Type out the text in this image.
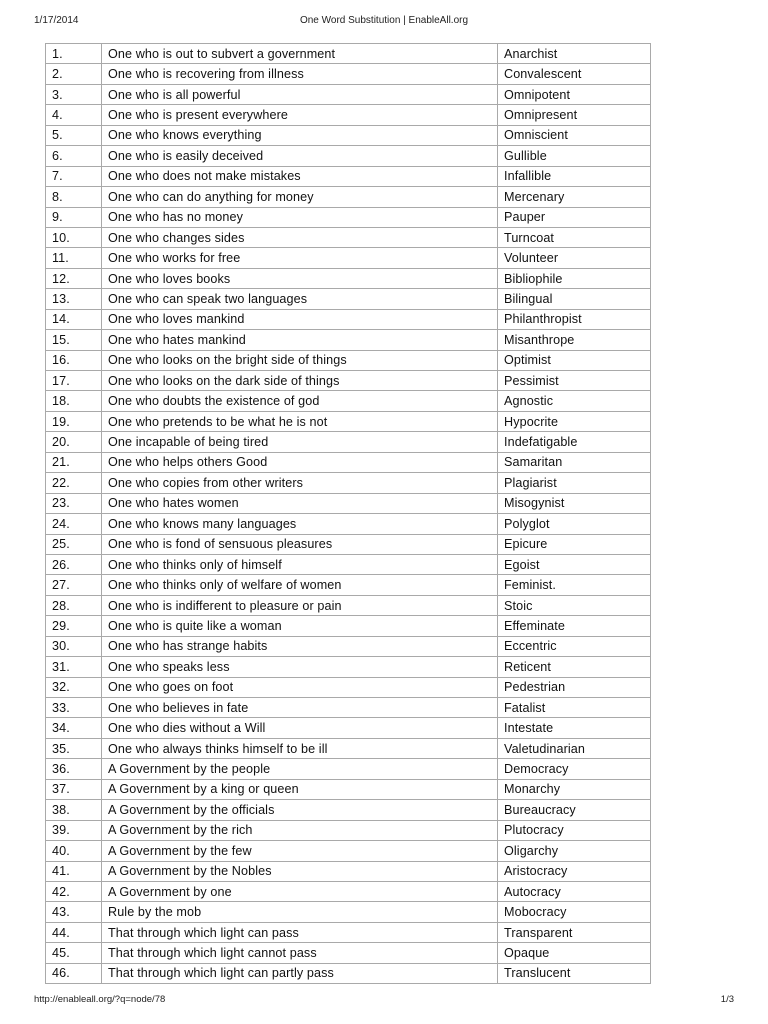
1/17/2014	One Word Substitution | EnableAll.org
1.	One who is out to subvert a government	Anarchist
2.	One who is recovering from illness	Convalescent
3.	One who is all powerful	Omnipotent
4.	One who is present everywhere	Omnipresent
5.	One who knows everything	Omniscient
6.	One who is easily deceived	Gullible
7.	One who does not make mistakes	Infallible
8.	One who can do anything for money	Mercenary
9.	One who has no money	Pauper
10.	One who changes sides	Turncoat
11.	One who works for free	Volunteer
12.	One who loves books	Bibliophile
13.	One who can speak two languages	Bilingual
14.	One who loves mankind	Philanthropist
15.	One who hates mankind	Misanthrope
16.	One who looks on the bright side of things	Optimist
17.	One who looks on the dark side of things	Pessimist
18.	One who doubts the existence of god	Agnostic
19.	One who pretends to be what he is not	Hypocrite
20.	One incapable of being tired	Indefatigable
21.	One who helps others Good	Samaritan
22.	One who copies from other writers	Plagiarist
23.	One who hates women	Misogynist
24.	One who knows many languages	Polyglot
25.	One who is fond of sensuous pleasures	Epicure
26.	One who thinks only of himself	Egoist
27.	One who thinks only of welfare of women	Feminist.
28.	One who is indifferent to pleasure or pain	Stoic
29.	One who is quite like a woman	Effeminate
30.	One who has strange habits	Eccentric
31.	One who speaks less	Reticent
32.	One who goes on foot	Pedestrian
33.	One who believes in fate	Fatalist
34.	One who dies without a Will	Intestate
35.	One who always thinks himself to be ill	Valetudinarian
36.	A Government by the people	Democracy
37.	A Government by a king or queen	Monarchy
38.	A Government by the officials	Bureaucracy
39.	A Government by the rich	Plutocracy
40.	A Government by the few	Oligarchy
41.	A Government by the Nobles	Aristocracy
42.	A Government by one	Autocracy
43.	Rule by the mob	Mobocracy
44.	That through which light can pass	Transparent
45.	That through which light cannot pass	Opaque
46.	That through which light can partly pass	Translucent
http://enableall.org/?q=node/78	1/3
